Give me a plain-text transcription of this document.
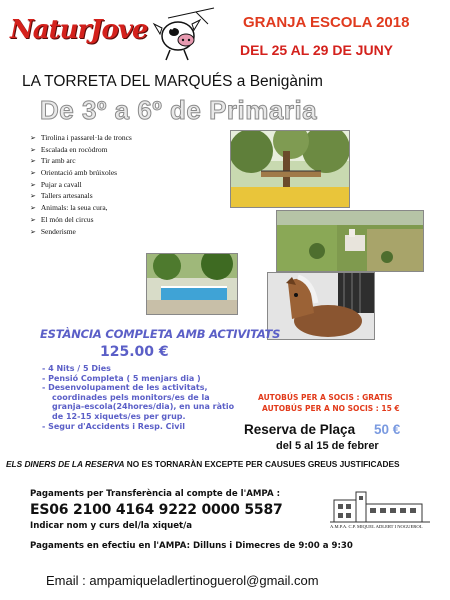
NaturJove	GRANJA ESCOLA 2018
DEL 25 AL 29 DE JUNY
LA TORRETA DEL MARQUÉS a Benigànim
De 3º a 6º de Primaria
➢ Tirolina i passarel·la de troncs
➢ Escalada en rocòdrom
➢ Tir amb arc
➢ Orientació amb brúixoles
➢ Pujar a cavall
➢ Tallers artesanals
➢ Animals: la seua cura,
➢ El món del circus
➢ Senderisme
ESTÀNCIA COMPLETA AMB ACTIVITATS
125.00 €
- 4 Nits / 5 Dies
- Pensió Completa ( 5 menjars dia )
- Desenvolupament de les activitats,
coordinades pels monitors/es de la
granja-escola(24hores/dia), en una ràtio
de 12-15 xiquets/es per grup.
- Segur d'Accidents i Resp. Civil
AUTOBÚS PER A SOCIS : GRATIS
AUTOBÚS PER A NO SOCIS : 15 €
Reserva de Plaça 50 €
del 5 al 15 de febrer
ELS DINERS DE LA RESERVA NO ES TORNARÀN EXCEPTE PER CAUSUES GREUS JUSTIFICADES
Pagaments per Transferència al compte de l'AMPA :
ES06 2100 4164 9222 0000 5587
Indicar nom y curs del/la xiquet/a
Pagaments en efectiu en l'AMPA: Dilluns i Dimecres de 9:00 a 9:30
A.M.P.A. C.P. MIQUEL ADLERT I NOGUEROL
Email : ampamiqueladlertinoguerol@gmail.com
